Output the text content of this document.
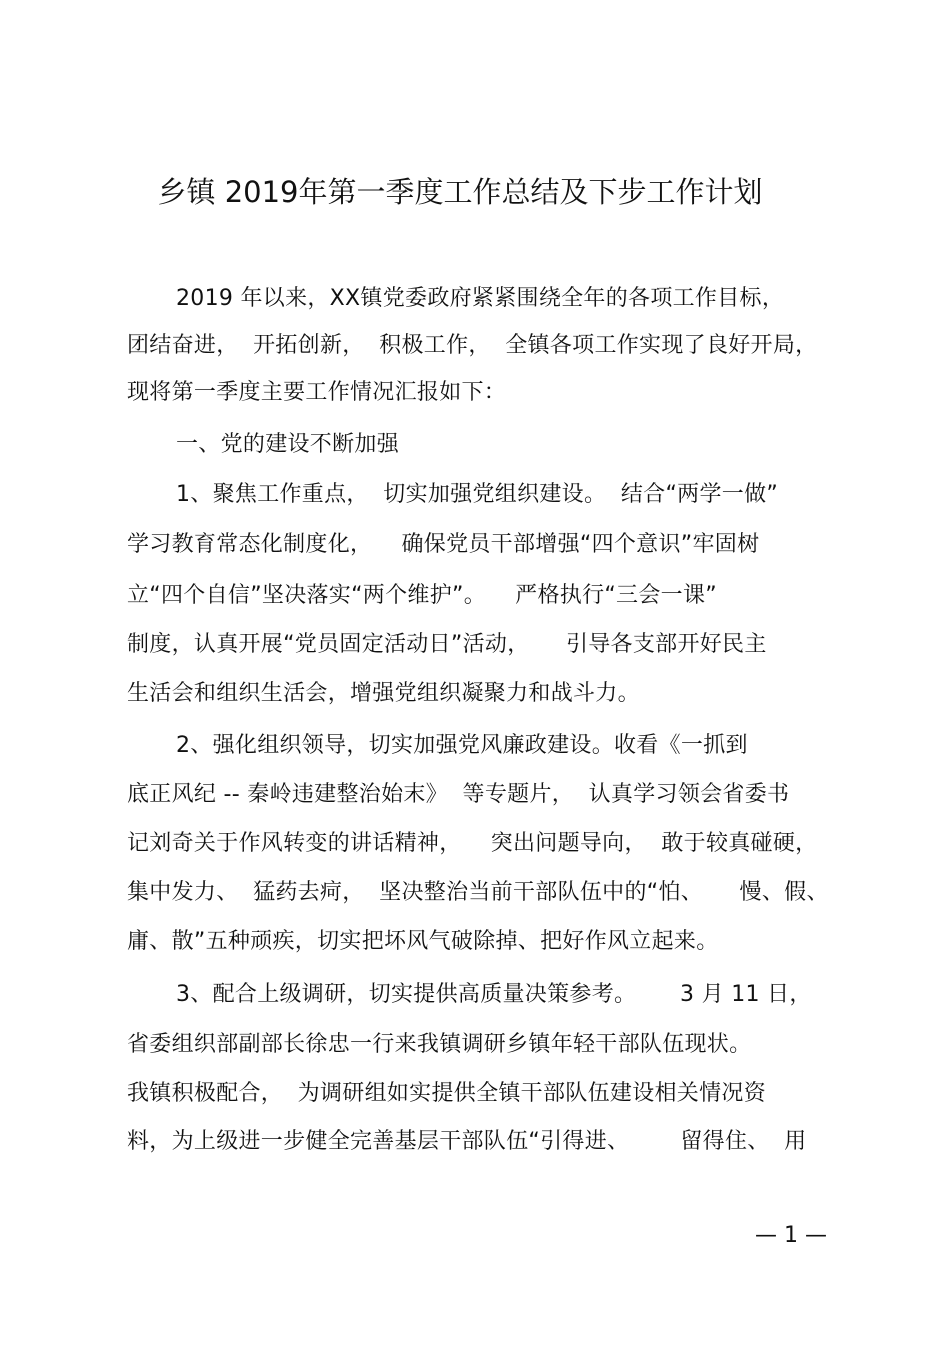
乡镇 2019年第一季度工作总结及下步工作计划
2019 年以来，XX镇党委政府紧紧围绕全年的各项工作目标，
团结奋进，  开拓创新，  积极工作，  全镇各项工作实现了良好开局，
现将第一季度主要工作情况汇报如下：
一、党的建设不断加强
1、聚焦工作重点，  切实加强党组织建设。  结合“两学一做”
学习教育常态化制度化，    确保党员干部增强“四个意识”牢固树
立“四个自信”坚决落实“两个维护”。    严格执行“三会一课”
制度，认真开展“党员固定活动日”活动，     引导各支部开好民主
生活会和组织生活会，增强党组织凝聚力和战斗力。
2、强化组织领导，切实加强党风廉政建设。收看《一抓到
底正风纪 -- 秦岭违建整治始末》  等专题片，  认真学习领会省委书
记刘奇关于作风转变的讲话精神，    突出问题导向，  敢于较真碰硬，
集中发力、  猛药去疴，  坚决整治当前干部队伍中的“怕、     慢、假、
庸、散”五种顽疾，切实把坏风气破除掉、把好作风立起来。
3、配合上级调研，切实提供高质量决策参考。      3 月 11 日，
省委组织部副部长徐忠一行来我镇调研乡镇年轻干部队伍现状。
我镇积极配合，  为调研组如实提供全镇干部队伍建设相关情况资
料，为上级进一步健全完善基层干部队伍“引得进、       留得住、  用
— 1 —
